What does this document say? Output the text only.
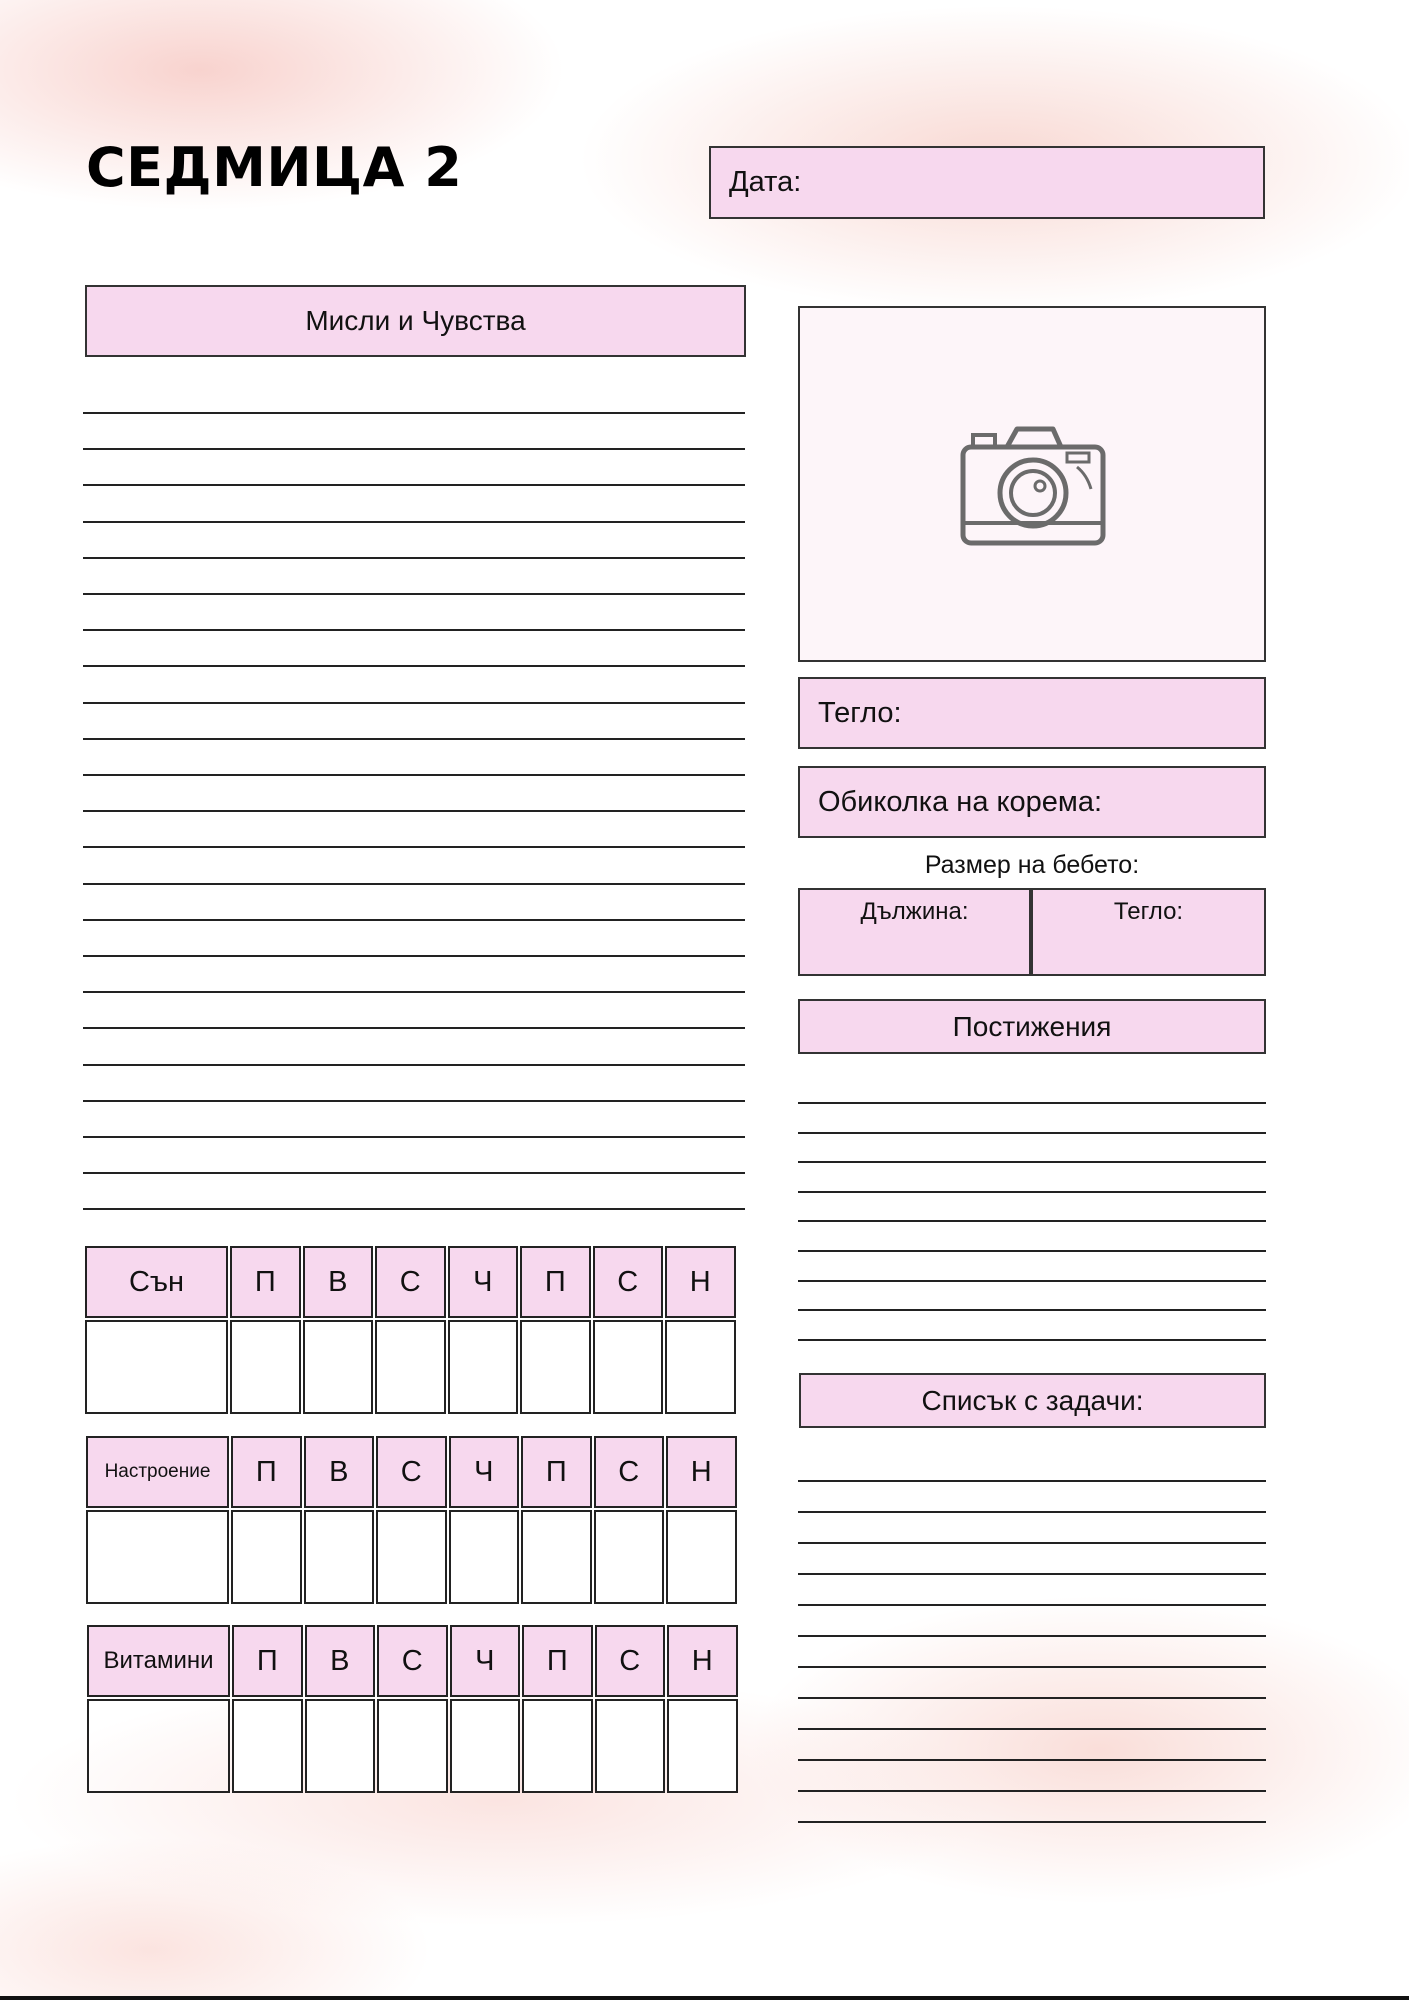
СЕДМИЦА 2	Дата:
Мисли и Чувства
Тегло:
Обиколка на корема:
Размер на бебето:
Дължина:	Тегло:
Постижения
Списък с задачи:
Сън	П	В	С	Ч	П	С	Н
Настроение	П	В	С	Ч	П	С	Н
Витамини	П	В	С	Ч	П	С	Н
